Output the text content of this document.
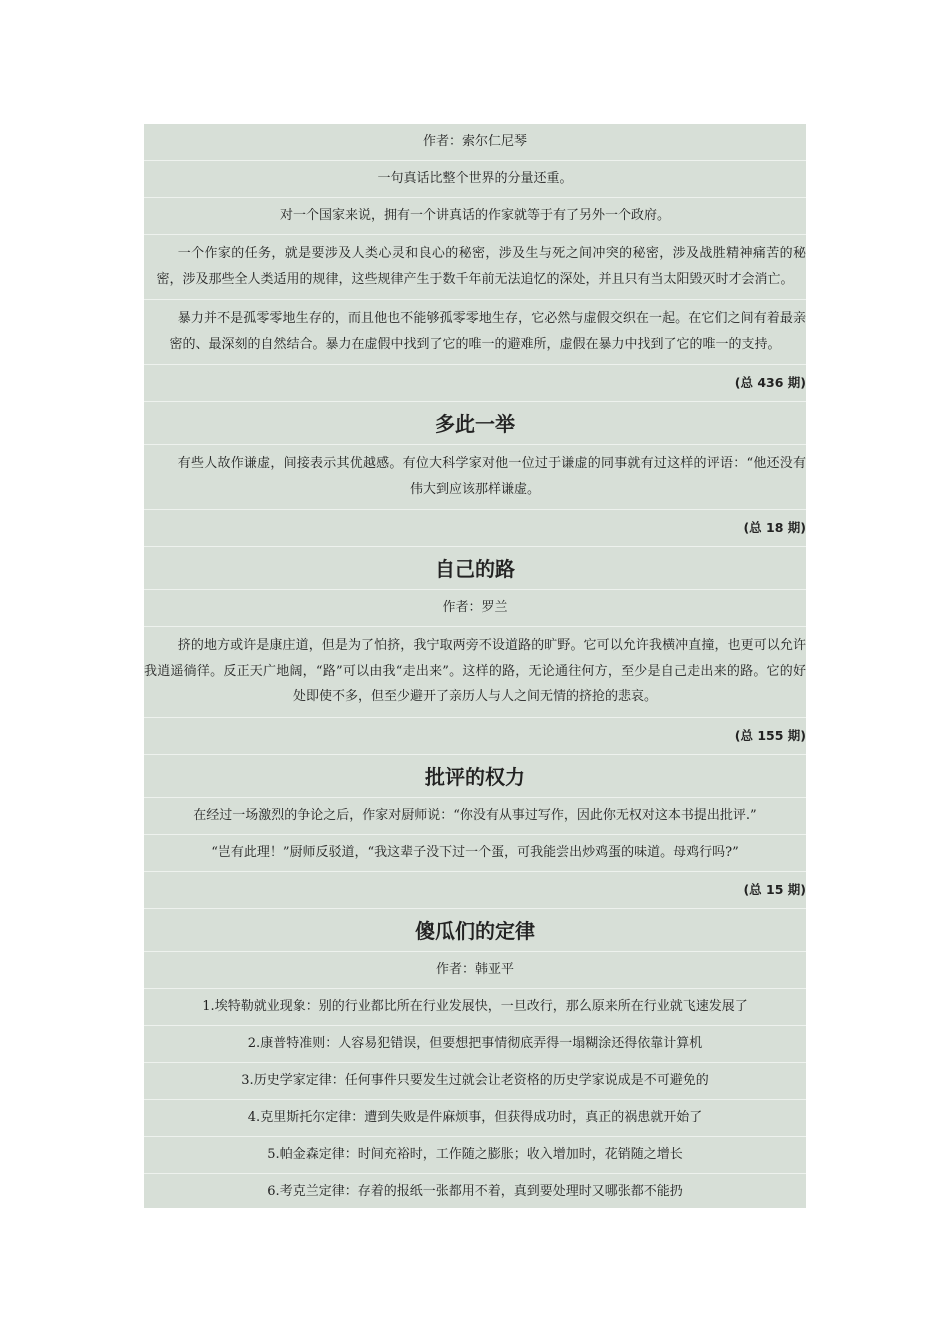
作者：索尔仁尼琴
一句真话比整个世界的分量还重。
对一个国家来说，拥有一个讲真话的作家就等于有了另外一个政府。
一个作家的任务，就是要涉及人类心灵和良心的秘密，涉及生与死之间冲突的秘密，涉及战胜精神痛苦的秘密，涉及那些全人类适用的规律，这些规律产生于数千年前无法追忆的深处，并且只有当太阳毁灭时才会消亡。
暴力并不是孤零零地生存的，而且他也不能够孤零零地生存，它必然与虚假交织在一起。在它们之间有着最亲密的、最深刻的自然结合。暴力在虚假中找到了它的唯一的避难所，虚假在暴力中找到了它的唯一的支持。
(总 436 期)
多此一举
有些人故作谦虚，间接表示其优越感。有位大科学家对他一位过于谦虚的同事就有过这样的评语：“他还没有伟大到应该那样谦虚。
(总 18 期)
自己的路
作者：罗兰
挤的地方或许是康庄道，但是为了怕挤，我宁取两旁不设道路的旷野。它可以允许我横冲直撞，也更可以允许我逍遥徜徉。反正天广地阔，“路”可以由我“走出来”。这样的路，无论通往何方，至少是自己走出来的路。它的好处即使不多，但至少避开了亲历人与人之间无情的挤抢的悲哀。
(总 155 期)
批评的权力
在经过一场激烈的争论之后，作家对厨师说：“你没有从事过写作，因此你无权对这本书提出批评.”
“岂有此理！”厨师反驳道，“我这辈子没下过一个蛋，可我能尝出炒鸡蛋的味道。母鸡行吗?”
(总 15 期)
傻瓜们的定律
作者：韩亚平
1.埃特勒就业现象：别的行业都比所在行业发展快，一旦改行，那么原来所在行业就飞速发展了
2.康普特准则：人容易犯错误，但要想把事情彻底弄得一塌糊涂还得依靠计算机
3.历史学家定律：任何事件只要发生过就会让老资格的历史学家说成是不可避免的
4.克里斯托尔定律：遭到失败是件麻烦事，但获得成功时，真正的祸患就开始了
5.帕金森定律：时间充裕时，工作随之膨胀；收入增加时，花销随之增长
6.考克兰定律：存着的报纸一张都用不着，真到要处理时又哪张都不能扔
